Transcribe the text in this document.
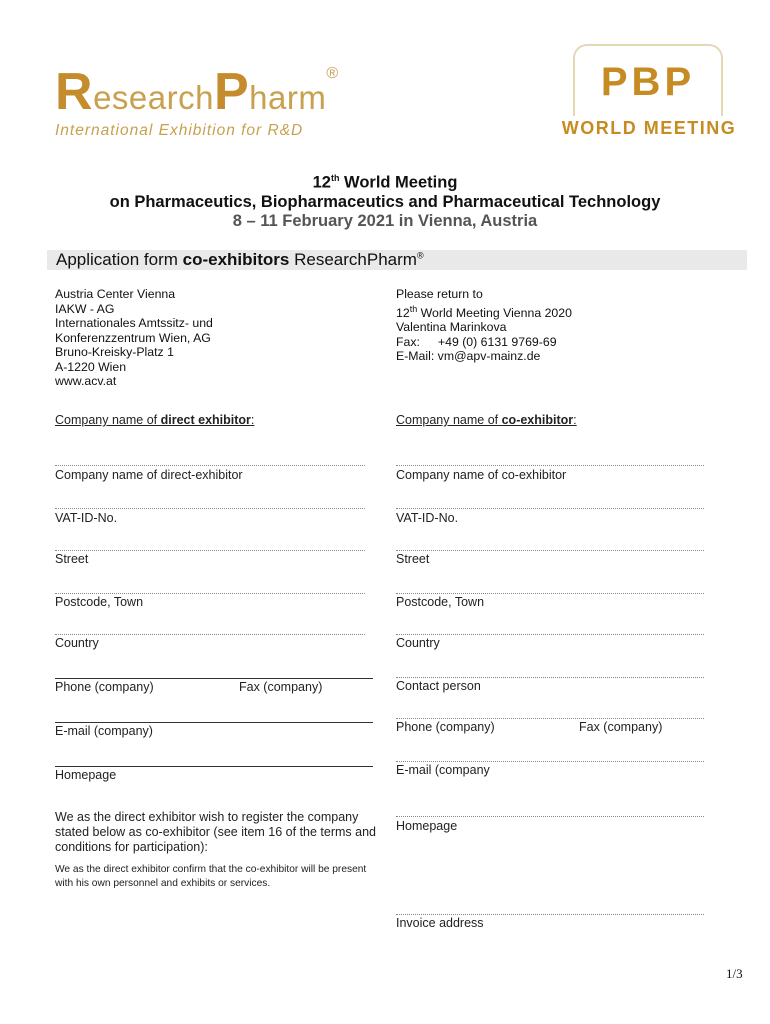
ResearchPharm®
International Exhibition for R&D
PBP
WORLD MEETING
12th World Meeting
on Pharmaceutics, Biopharmaceutics and Pharmaceutical Technology
8 – 11 February 2021 in Vienna, Austria
Application form co-exhibitors ResearchPharm®
Austria Center Vienna
IAKW - AG
Internationales Amtssitz- und
Konferenzzentrum Wien, AG
Bruno-Kreisky-Platz 1
A-1220 Wien
www.acv.at
Please return to
12th World Meeting Vienna 2020
Valentina Marinkova
Fax: +49 (0) 6131 9769-69
E-Mail: vm@apv-mainz.de
Company name of direct exhibitor:	Company name of co-exhibitor:
Company name of direct-exhibitor
VAT-ID-No.
Street
Postcode, Town
Country
Phone (company)	Fax (company)
E-mail (company)
Homepage
We as the direct exhibitor wish to register the company stated below as co-exhibitor (see item 16 of the terms and conditions for participation):
We as the direct exhibitor confirm that the co-exhibitor will be present with his own personnel and exhibits or services.
Company name of co-exhibitor
VAT-ID-No.
Street
Postcode, Town
Country
Contact person
Phone (company)	Fax (company)
E-mail (company
Homepage
Invoice address
1/3
